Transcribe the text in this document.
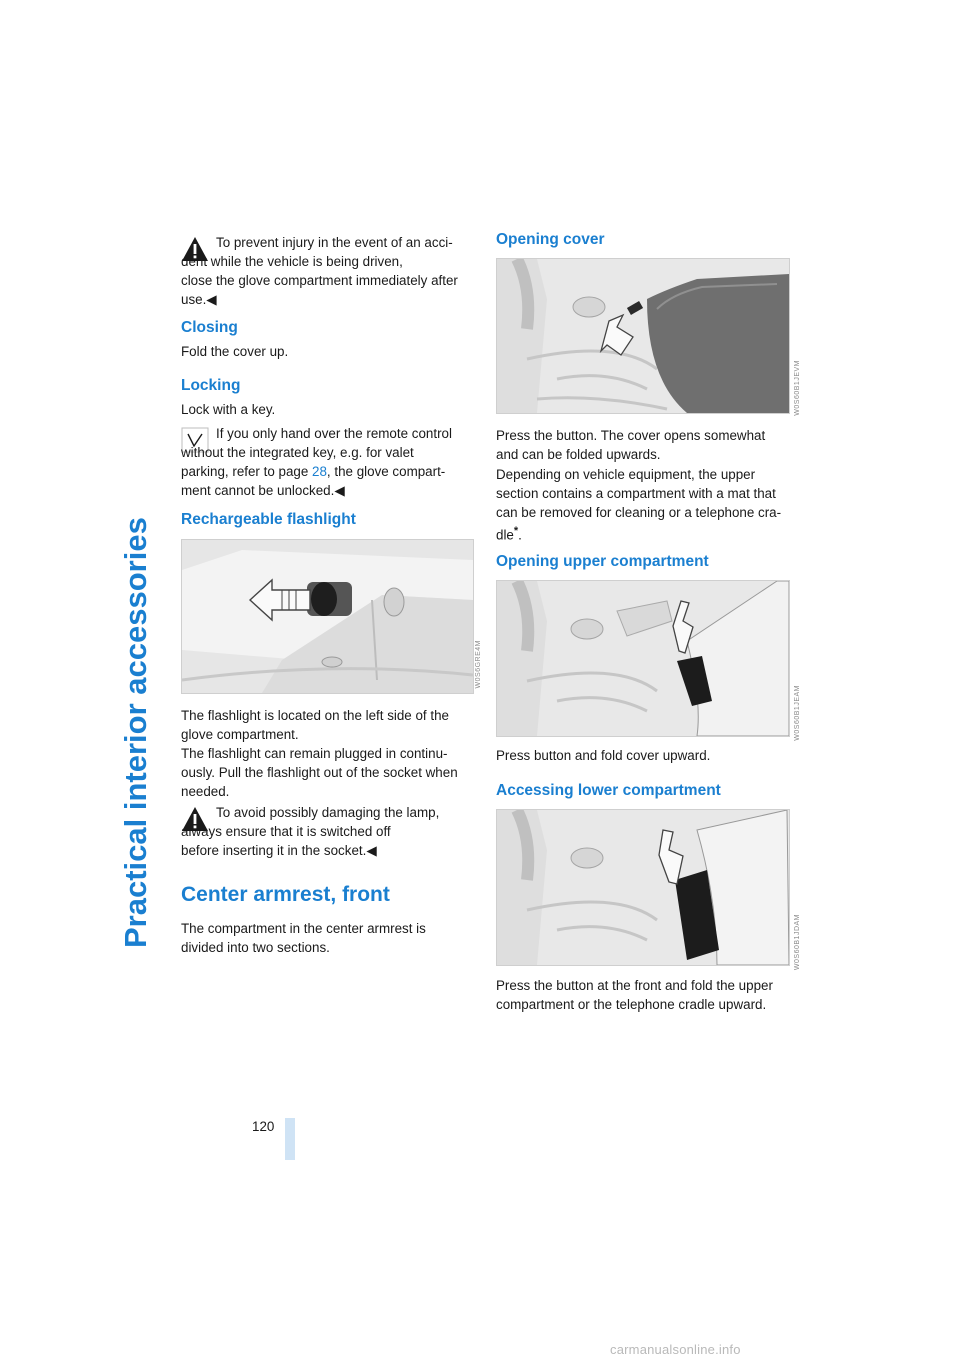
Practical interior accessories
To prevent injury in the event of an acci-
dent while the vehicle is being driven,
close the glove compartment immediately after
use.◀
Closing

Fold the cover up.

Locking

Lock with a key.

If you only hand over the remote control
without the integrated key, e.g. for valet
parking, refer to page 28, the glove compart-
ment cannot be unlocked.◀
Rechargeable flashlight
W0S6GRE4M

The flashlight is located on the left side of the
glove compartment.
The flashlight can remain plugged in continu-
ously. Pull the flashlight out of the socket when
needed.

To avoid possibly damaging the lamp,
always ensure that it is switched off
before inserting it in the socket.◀
Center armrest, front

The compartment in the center armrest is
divided into two sections.

Opening cover
W0S60B1JEVM

Press the button. The cover opens somewhat
and can be folded upwards.

Depending on vehicle equipment, the upper
section contains a compartment with a mat that
can be removed for cleaning or a telephone cra-
dle*.

Opening upper compartment
W0S60B1JEAM

Press button and fold cover upward.

Accessing lower compartment
W0S60B1JDAM

Press the button at the front and fold the upper
compartment or the telephone cradle upward.

120
carmanualsonline.info
